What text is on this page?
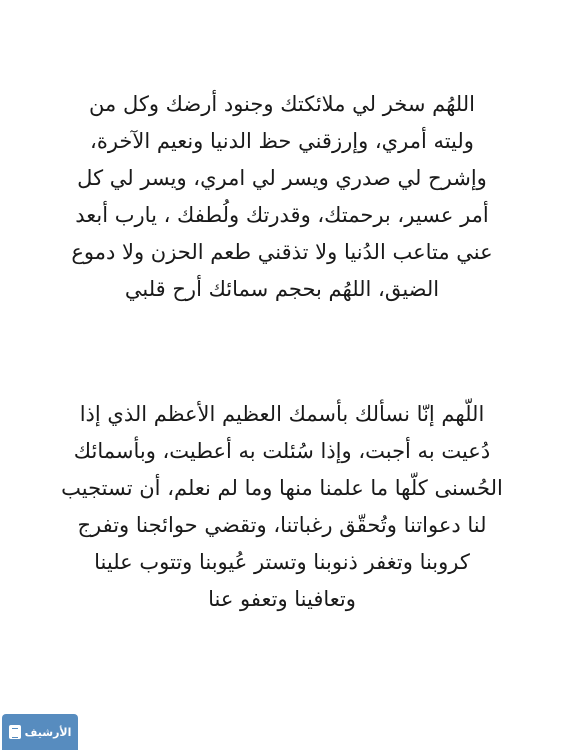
اللهُم سخر لي ملائكتك وجنود أرضك وكل من
وليته أمري، وإرزقني حظ الدنيا ونعيم الآخرة،
وإشرح لي صدري ويسر لي امري، ويسر لي كل
أمر عسير، برحمتك، وقدرتك ولُطفك ، يارب أبعد
عني متاعب الدُنيا ولا تذقني طعم الحزن ولا دموع
الضيق، اللهُم بحجم سمائك أرح قلبي
اللّهم إنّا نسألك بأسمك العظيم الأعظم الذي إذا
دُعيت به أجبت، وإذا سُئلت به أعطيت، وبأسمائك
الحُسنى كلّها ما علمنا منها وما لم نعلم، أن تستجيب
لنا دعواتنا وتُحقّق رغباتنا، وتقضي حوائجنا وتفرج
كروبنا وتغفر ذنوبنا وتستر عُيوبنا وتتوب علينا
وتعافينا وتعفو عنا
الأرشيف
